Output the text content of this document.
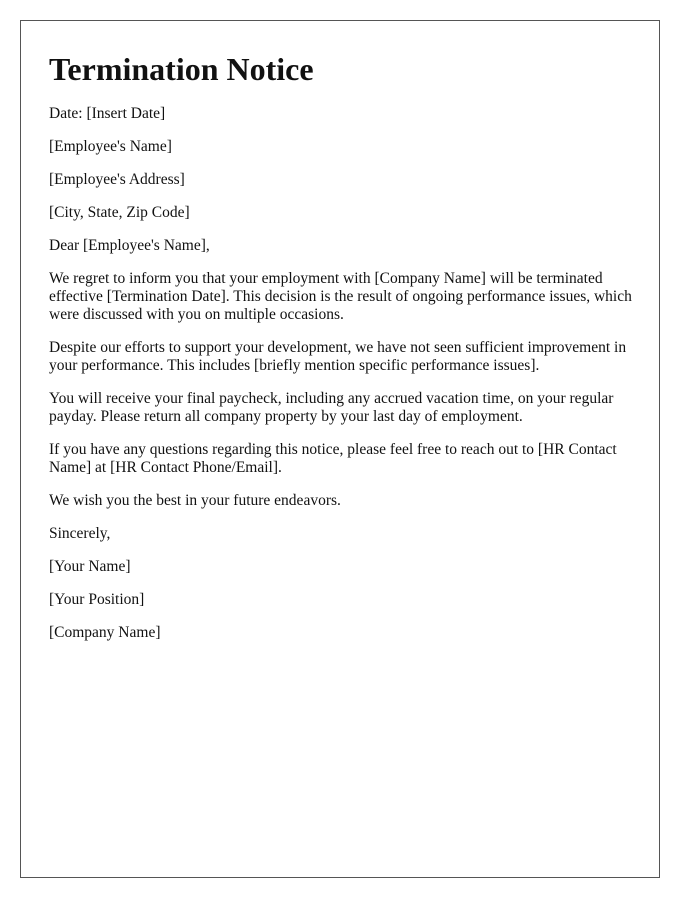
Termination Notice

Date: [Insert Date]

[Employee's Name]

[Employee's Address]

[City, State, Zip Code]

Dear [Employee's Name],

We regret to inform you that your employment with [Company Name] will be terminated effective [Termination Date]. This decision is the result of ongoing performance issues, which were discussed with you on multiple occasions.

Despite our efforts to support your development, we have not seen sufficient improvement in your performance. This includes [briefly mention specific performance issues].

You will receive your final paycheck, including any accrued vacation time, on your regular payday. Please return all company property by your last day of employment.

If you have any questions regarding this notice, please feel free to reach out to [HR Contact Name] at [HR Contact Phone/Email].

We wish you the best in your future endeavors.

Sincerely,

[Your Name]

[Your Position]

[Company Name]
